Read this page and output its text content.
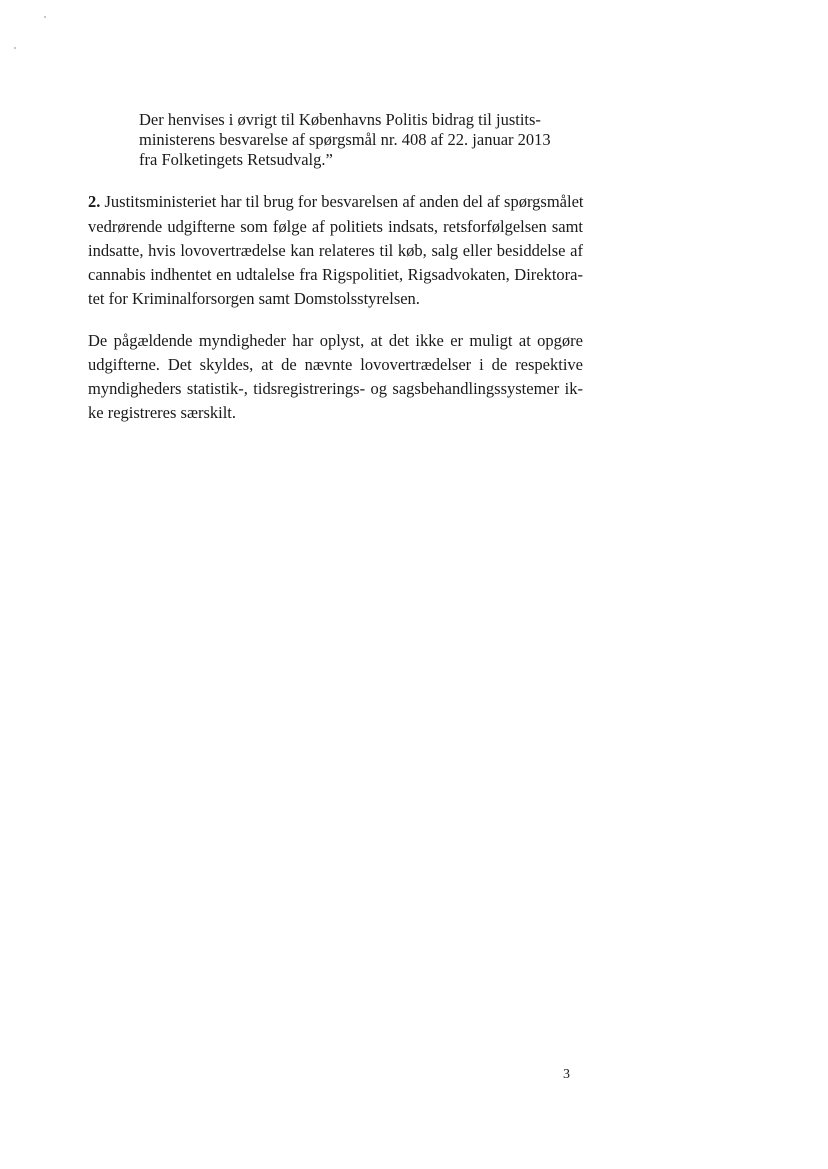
Der henvises i øvrigt til Københavns Politis bidrag til justits-
ministerens besvarelse af spørgsmål nr. 408 af 22. januar 2013
fra Folketingets Retsudvalg.”
2. Justitsministeriet har til brug for besvarelsen af anden del af spørgsmålet
vedrørende udgifterne som følge af politiets indsats, retsforfølgelsen samt
indsatte, hvis lovovertrædelse kan relateres til køb, salg eller besiddelse af
cannabis indhentet en udtalelse fra Rigspolitiet, Rigsadvokaten, Direktora-
tet for Kriminalforsorgen samt Domstolsstyrelsen.
De pågældende myndigheder har oplyst, at det ikke er muligt at opgøre
udgifterne. Det skyldes, at de nævnte lovovertrædelser i de respektive
myndigheders statistik-, tidsregistrerings- og sagsbehandlingssystemer ik-
ke registreres særskilt.
3
